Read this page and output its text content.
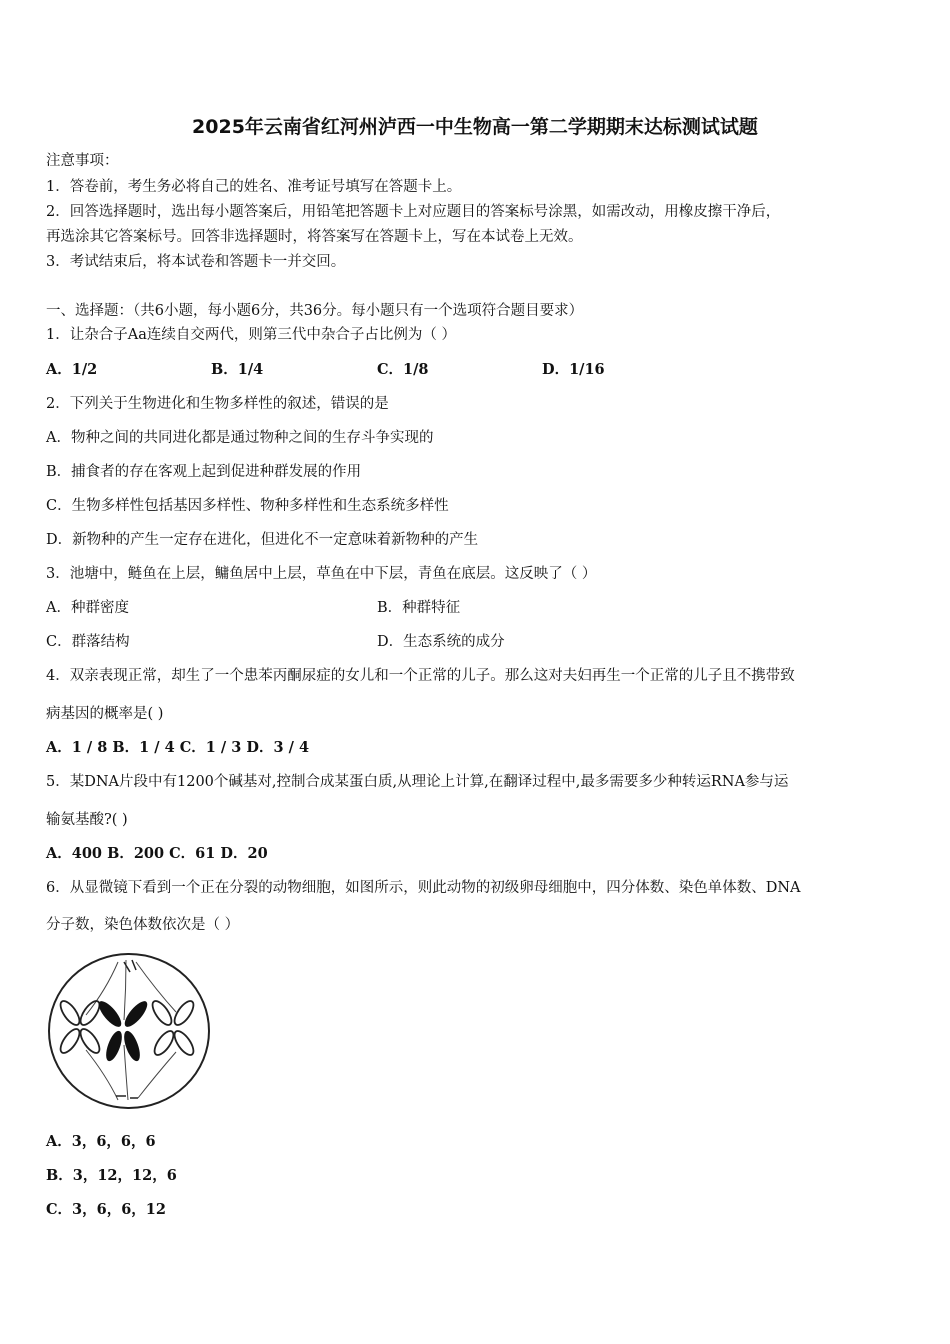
2025年云南省红河州泸西一中生物高一第二学期期末达标测试试题
注意事项：
1．答卷前，考生务必将自己的姓名、准考证号填写在答题卡上。
2．回答选择题时，选出每小题答案后，用铅笔把答题卡上对应题目的答案标号涂黑，如需改动，用橡皮擦干净后，
再选涂其它答案标号。回答非选择题时，将答案写在答题卡上，写在本试卷上无效。
3．考试结束后，将本试卷和答题卡一并交回。
一、选择题：（共6小题，每小题6分，共36分。每小题只有一个选项符合题目要求）
1．让杂合子Aa连续自交两代，则第三代中杂合子占比例为（ ）
A．1/2	B．1/4	C．1/8	D．1/16
2．下列关于生物进化和生物多样性的叙述，错误的是
A．物种之间的共同进化都是通过物种之间的生存斗争实现的
B．捕食者的存在客观上起到促进种群发展的作用
C．生物多样性包括基因多样性、物种多样性和生态系统多样性
D．新物种的产生一定存在进化，但进化不一定意味着新物种的产生
3．池塘中，鲢鱼在上层，鳙鱼居中上层，草鱼在中下层，青鱼在底层。这反映了（ ）
A．种群密度	B．种群特征
C．群落结构	D．生态系统的成分
4．双亲表现正常，却生了一个患苯丙酮尿症的女儿和一个正常的儿子。那么这对夫妇再生一个正常的儿子且不携带致
病基因的概率是( )
A．1 / 8 B．1 / 4 C．1 / 3 D．3 / 4
5．某DNA片段中有1200个碱基对,控制合成某蛋白质,从理论上计算,在翻译过程中,最多需要多少种转运RNA参与运
输氨基酸?( )
A．400 B．200 C．61 D．20
6．从显微镜下看到一个正在分裂的动物细胞，如图所示，则此动物的初级卵母细胞中，四分体数、染色单体数、DNA
分子数，染色体数依次是（ ）
A．3，6，6，6
B．3，12，12，6
C．3，6，6，12
